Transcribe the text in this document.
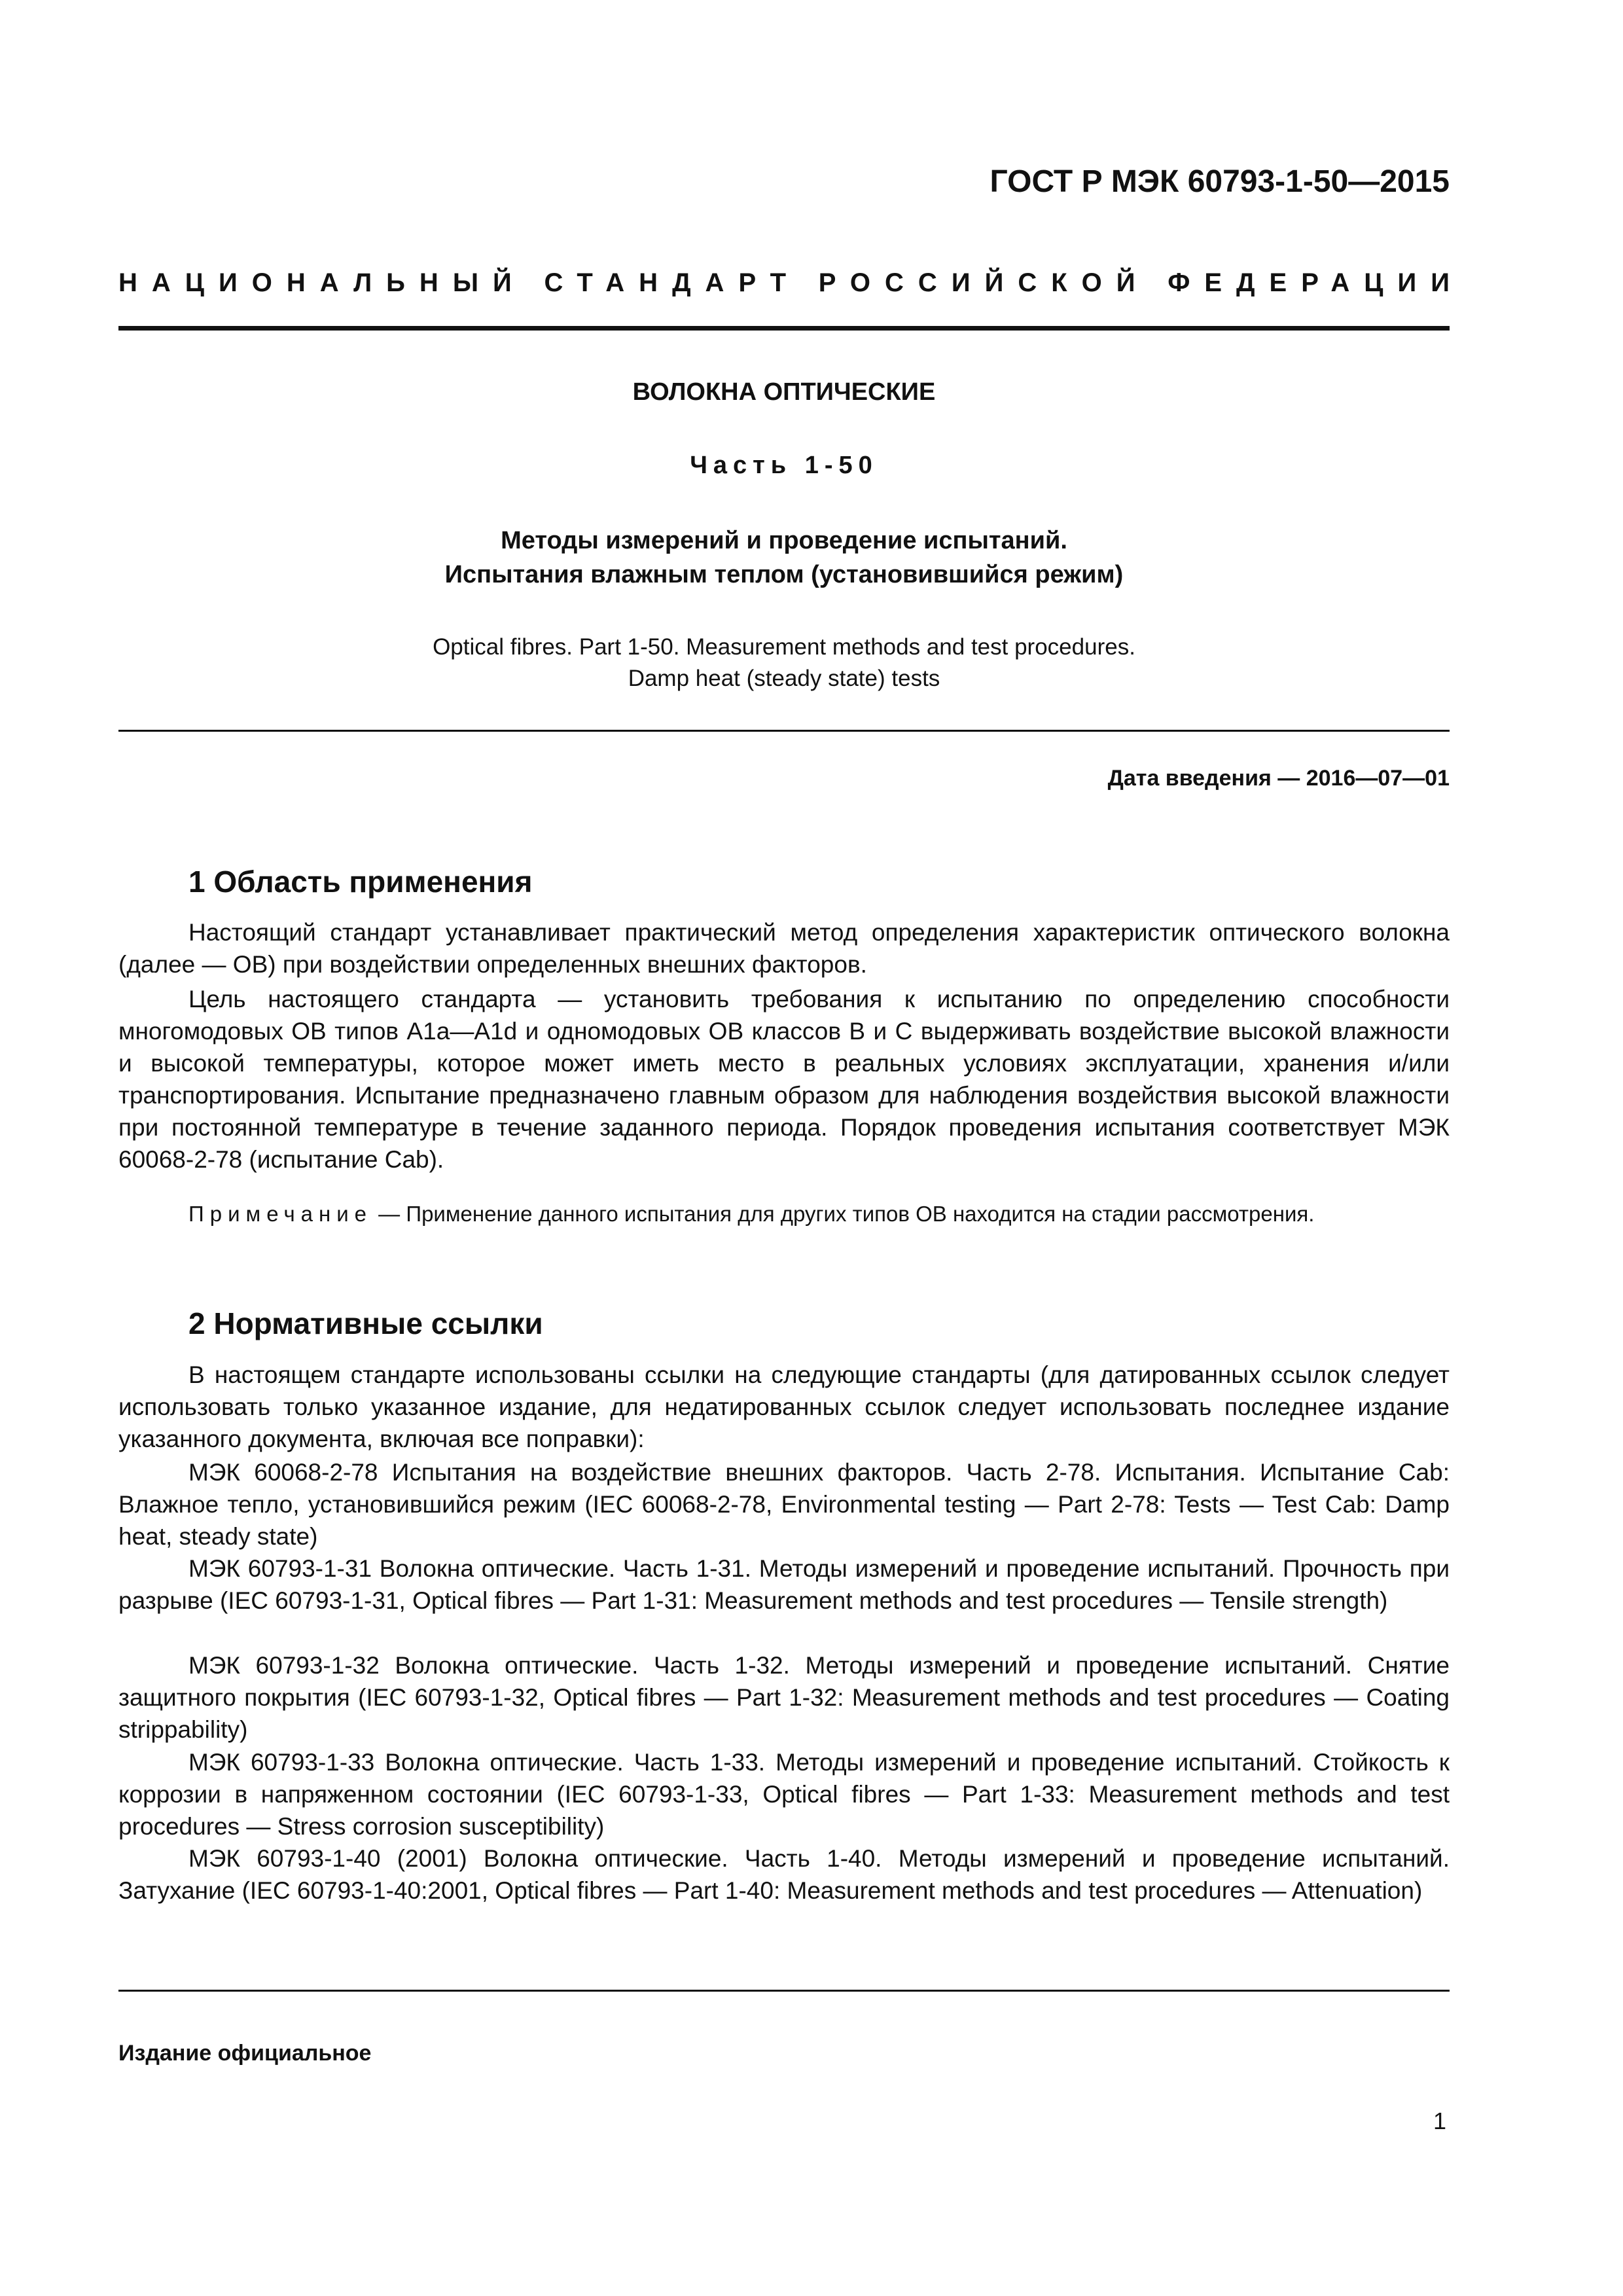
ГОСТ Р МЭК 60793-1-50—2015
НАЦИОНАЛЬНЫЙ СТАНДАРТ РОССИЙСКОЙ ФЕДЕРАЦИИ
ВОЛОКНА ОПТИЧЕСКИЕ
Часть 1-50
Методы измерений и проведение испытаний.
Испытания влажным теплом (установившийся режим)
Optical fibres. Part 1-50. Measurement methods and test procedures.
Damp heat (steady state) tests
Дата введения — 2016—07—01
1 Область применения

Настоящий стандарт устанавливает практический метод определения характеристик оптического волокна (далее — ОВ) при воздействии определенных внешних факторов.

Цель настоящего стандарта — установить требования к испытанию по определению способности многомодовых ОВ типов А1а—A1d и одномодовых ОВ классов В и С выдерживать воздействие высокой влажности и высокой температуры, которое может иметь место в реальных условиях эксплуатации, хранения и/или транспортирования. Испытание предназначено главным образом для наблюдения воздействия высокой влажности при постоянной температуре в течение заданного периода. Порядок проведения испытания соответствует МЭК 60068-2-78 (испытание Cab).

Примечание — Применение данного испытания для других типов ОВ находится на стадии рассмотрения.

2 Нормативные ссылки

В настоящем стандарте использованы ссылки на следующие стандарты (для датированных ссылок следует использовать только указанное издание, для недатированных ссылок следует использовать последнее издание указанного документа, включая все поправки):

МЭК 60068-2-78 Испытания на воздействие внешних факторов. Часть 2-78. Испытания. Испытание Cab: Влажное тепло, установившийся режим (IEC 60068-2-78, Environmental testing — Part 2-78: Tests — Test Cab: Damp heat, steady state)

МЭК 60793-1-31 Волокна оптические. Часть 1-31. Методы измерений и проведение испытаний. Прочность при разрыве (IEC 60793-1-31, Optical fibres — Part 1-31: Measurement methods and test procedures — Tensile strength)

МЭК 60793-1-32 Волокна оптические. Часть 1-32. Методы измерений и проведение испытаний. Снятие защитного покрытия (IEC 60793-1-32, Optical fibres — Part 1-32: Measurement methods and test procedures — Coating strippability)

МЭК 60793-1-33 Волокна оптические. Часть 1-33. Методы измерений и проведение испытаний. Стойкость к коррозии в напряженном состоянии (IEC 60793-1-33, Optical fibres — Part 1-33: Measurement methods and test procedures — Stress corrosion susceptibility)

МЭК 60793-1-40 (2001) Волокна оптические. Часть 1-40. Методы измерений и проведение испытаний. Затухание (IEC 60793-1-40:2001, Optical fibres — Part 1-40: Measurement methods and test procedures — Attenuation)

Издание официальное
1
